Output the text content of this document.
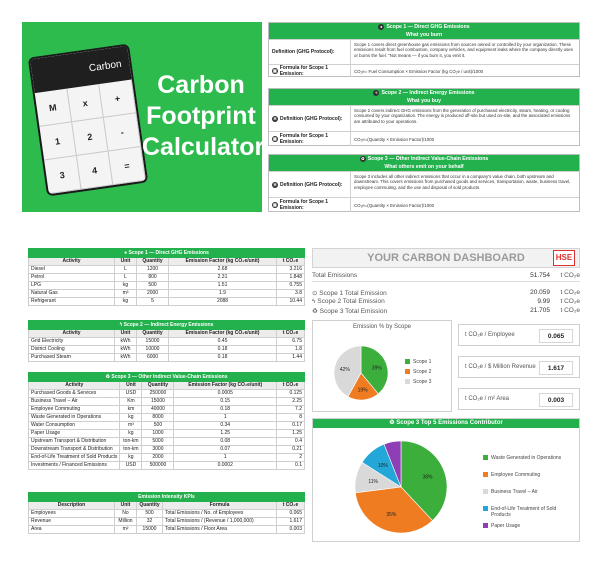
Carbon
M	x	+
1	2	-
3	4	=
Carbon Footprint Calculator
● Scope 1 — Direct GHG Emissions
What you burn
Definition (GHG Protocol):
Scope 1 covers direct greenhouse gas emissions from sources owned or controlled by your organization. These emissions result from fuel combustion, company vehicles, and equipment leaks where the company directly uses or burns the fuel. "Not means — if you burn it, you emit it.
▦ Formula for Scope 1 Emission:	CO₂e= Fuel Consumption × Emission Factor (kg CO₂e / unit)/1000
ϟ Scope 2 — Indirect Energy Emissions
What you buy
✲ Definition (GHG Protocol):
Scope 2 covers indirect GHG emissions from the generation of purchased electricity, steam, heating, or cooling consumed by your organization. The energy is produced off-site but used on-site, and the associated emissions are attributed to your operations.
▦ Formula for Scope 1 Emission:	CO₂e=(Quantity × Emission Factor)/1000
♻ Scope 3 — Other Indirect Value-Chain Emissions
What others emit on your behalf
✲ Definition (GHG Protocol):
Scope 3 includes all other indirect emissions that occur in a company's value chain, both upstream and downstream. This covers emissions from purchased goods and services, transportation, waste, business travel, employee commuting, and the use and disposal of sold products.
▦ Formula for Scope 1 Emission:	CO₂e=(Quantity × Emission Factor)/1000
● Scope 1 — Direct GHG Emissions				
Activity	Unit	Quantity	Emission Factor (kg CO₂e/unit)	t CO₂e
Diesel	L	1200	2.68	3.216
Petrol	L	800	2.31	1.848
LPG	kg	500	1.51	0.755
Natural Gas	m³	2000	1.9	3.8
Refrigerant	kg	5	2088	10.44
ϟ Scope 2 — Indirect Energy Emissions				
Activity	Unit	Quantity	Emission Factor (kg CO₂e/unit)	t CO₂e
Grid Electricity	kWh	15000	0.45	6.75
District Cooling	kWh	10000	0.18	1.8
Purchased Steam	kWh	6000	0.18	1.44
♻ Scope 3 — Other Indirect Value-Chain Emissions				
Activity	Unit	Quantity	Emission Factor (kg CO₂e/unit)	t CO₂e
Purchased Goods & Services	USD	250000	0.0005	0.125
Business Travel – Air	Km	15000	0.15	2.25
Employee Commuting	km	40000	0.18	7.2
Waste Generated in Operations	kg	8000	1	8
Water Consumption	m³	500	0.34	0.17
Paper Usage	kg	1000	1.25	1.25
Upstream Transport & Distribution	ton-km	5000	0.08	0.4
Downstream Transport & Distribution	ton-km	3000	0.07	0.21
End-of-Life Treatment of Sold Products	kg	2000	1	2
Investments / Financed Emissions	USD	500000	0.0002	0.1
Emission Intensity KPIs				
Description	Unit	Quantity	Formula	t CO₂e
Employees	No	500	Total Emissions / No. of Employees	0.065
Revenue	Million	32	Total Emissions / (Revenue / 1,000,000)	1.617
Area	m²	15000	Total Emissions / Floor Area	0.003
YOUR CARBON DASHBOARD	HSE
Total Emissions	51.754	t CO₂e
⊙ Scope 1 Total Emission	20.059	t CO₂e
ϟ Scope 2 Total Emission	9.99	t CO₂e
♻ Scope 3 Total Emission	21.705	t CO₂e
Emission % by Scope
39%
19%
42%
Scope 1
Scope 2
Scope 3
t CO₂e / Employee	0.065
t CO₂e / $ Million Revenue	1.617
t CO₂e / m² Area	0.003
♻ Scope 3 Top 5 Emissions Contributor
38%
35%
11%
10%
Waste Generated in Operations
Employee Commuting
Business Travel – Air
End-of-Life Treatment of Sold Products
Paper Usage
